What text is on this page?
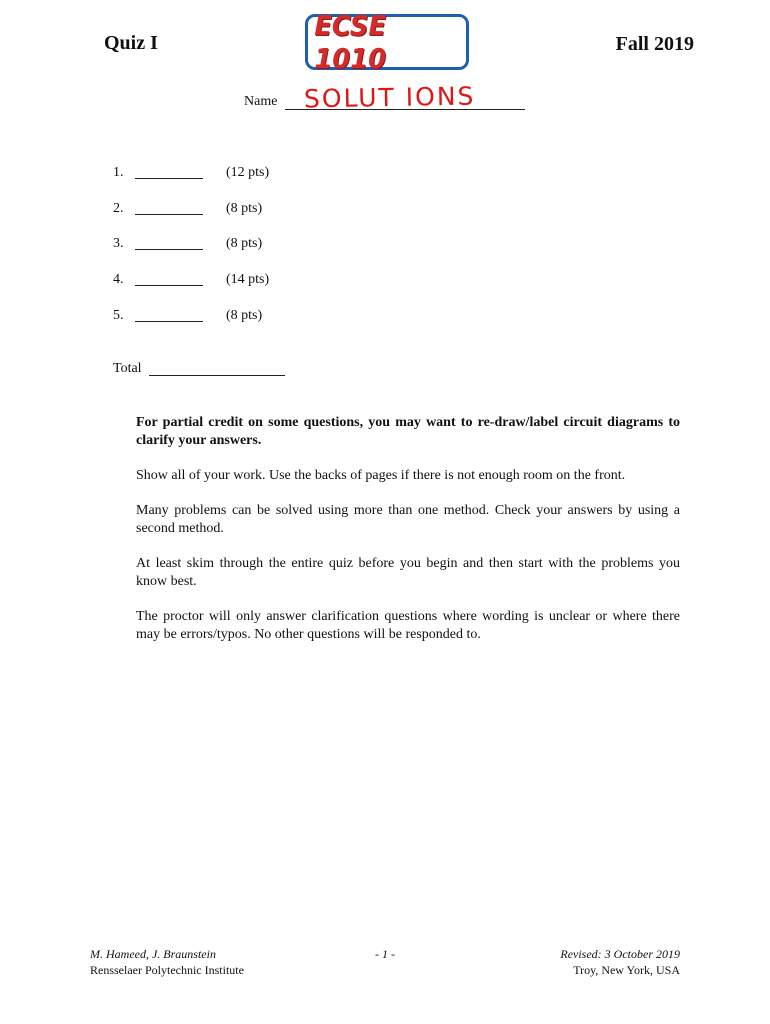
Quiz I
ECSE 1010	Fall 2019
Name SOLUT IONS
1.	(12 pts)
2.	(8 pts)
3.	(8 pts)
4.	(14 pts)
5.	(8 pts)
Total

For partial credit on some questions, you may want to re-draw/label circuit diagrams to clarify your answers.

Show all of your work. Use the backs of pages if there is not enough room on the front.

Many problems can be solved using more than one method. Check your answers by using a second method.

At least skim through the entire quiz before you begin and then start with the problems you know best.

The proctor will only answer clarification questions where wording is unclear or where there may be errors/typos. No other questions will be responded to.

M. Hameed, J. Braunstein
Rensselaer Polytechnic Institute
- 1 -	Revised: 3 October 2019
Troy, New York, USA
